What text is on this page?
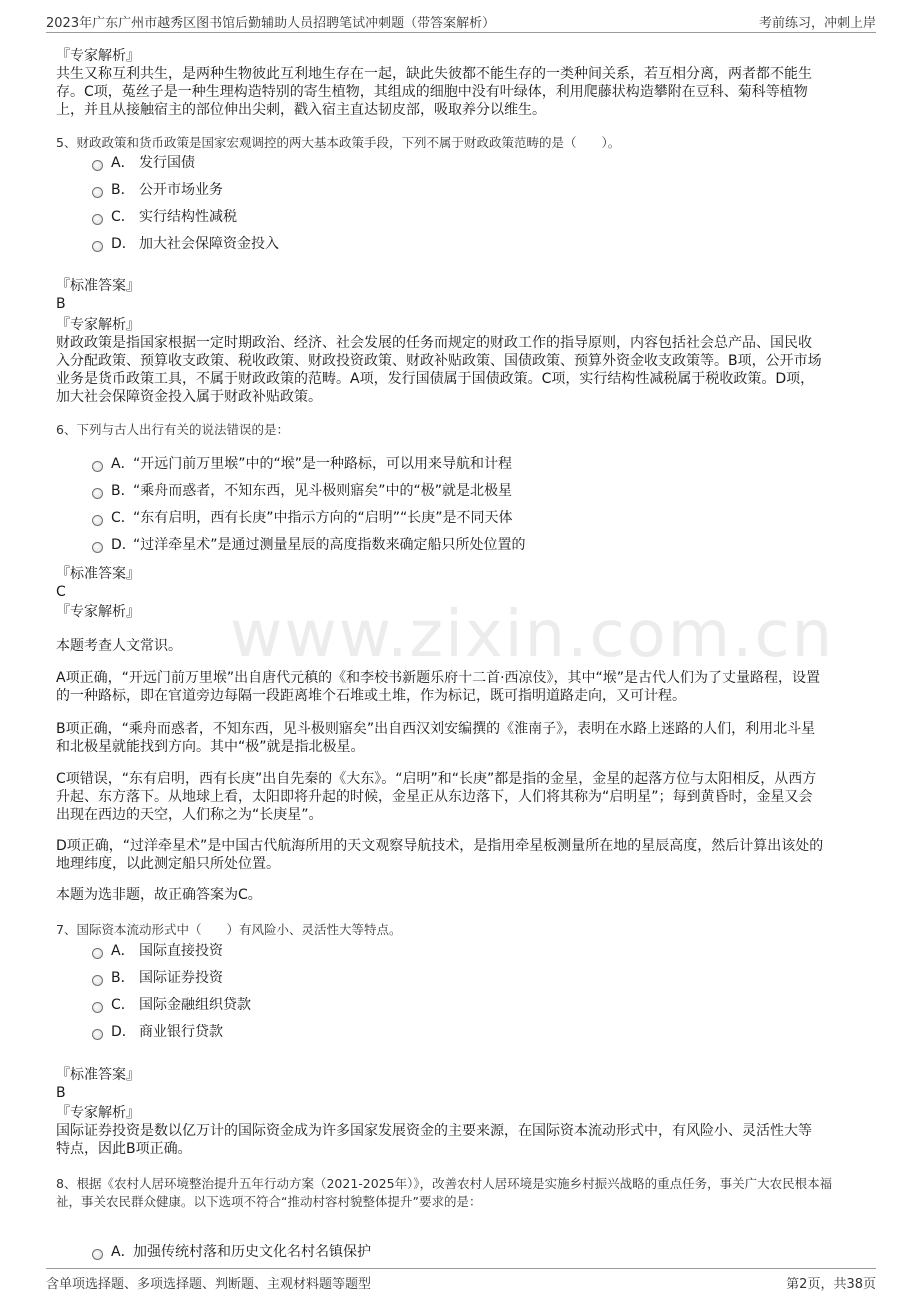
2023年广东广州市越秀区图书馆后勤辅助人员招聘笔试冲刺题（带答案解析）	考前练习，冲刺上岸
www.zixin.com.cn
『专家解析』
共生又称互利共生，是两种生物彼此互利地生存在一起，缺此失彼都不能生存的一类种间关系，若互相分离，两者都不能生
存。C项，菟丝子是一种生理构造特别的寄生植物，其组成的细胞中没有叶绿体，利用爬藤状构造攀附在豆科、菊科等植物
上，并且从接触宿主的部位伸出尖刺，戳入宿主直达韧皮部，吸取养分以维生。
5、财政政策和货币政策是国家宏观调控的两大基本政策手段，下列不属于财政政策范畴的是（　　）。
A． 发行国债
B． 公开市场业务
C． 实行结构性减税
D． 加大社会保障资金投入
『标准答案』
B
『专家解析』
财政政策是指国家根据一定时期政治、经济、社会发展的任务而规定的财政工作的指导原则，内容包括社会总产品、国民收
入分配政策、预算收支政策、税收政策、财政投资政策、财政补贴政策、国债政策、预算外资金收支政策等。B项，公开市场
业务是货币政策工具，不属于财政政策的范畴。A项，发行国债属于国债政策。C项，实行结构性减税属于税收政策。D项，
加大社会保障资金投入属于财政补贴政策。
6、下列与古人出行有关的说法错误的是：
A．
“开远门前万里堠”中的“堠”是一种路标，可以用来导航和计程
B．
“乘舟而惑者，不知东西，见斗极则寤矣”中的“极”就是北极星
C．
“东有启明，西有长庚”中指示方向的“启明”“长庚”是不同天体
D．
“过洋牵星术”是通过测量星辰的高度指数来确定船只所处位置的
『标准答案』
C
『专家解析』
本题考查人文常识。
A项正确，“开远门前万里堠”出自唐代元稹的《和李校书新题乐府十二首·西凉伎》，其中“堠”是古代人们为了丈量路程，设置
的一种路标，即在官道旁边每隔一段距离堆个石堆或土堆，作为标记，既可指明道路走向，又可计程。
B项正确，“乘舟而惑者，不知东西，见斗极则寤矣”出自西汉刘安编撰的《淮南子》，表明在水路上迷路的人们，利用北斗星
和北极星就能找到方向。其中“极”就是指北极星。
C项错误，“东有启明，西有长庚”出自先秦的《大东》。“启明”和“长庚”都是指的金星，金星的起落方位与太阳相反，从西方
升起、东方落下。从地球上看，太阳即将升起的时候，金星正从东边落下，人们将其称为“启明星”；每到黄昏时，金星又会
出现在西边的天空，人们称之为“长庚星”。
D项正确，“过洋牵星术”是中国古代航海所用的天文观察导航技术，是指用牵星板测量所在地的星辰高度，然后计算出该处的
地理纬度，以此测定船只所处位置。
本题为选非题，故正确答案为C。
7、国际资本流动形式中（　　）有风险小、灵活性大等特点。
A． 国际直接投资
B． 国际证券投资
C． 国际金融组织贷款
D． 商业银行贷款
『标准答案』
B
『专家解析』
国际证券投资是数以亿万计的国际资金成为许多国家发展资金的主要来源，在国际资本流动形式中，有风险小、灵活性大等
特点，因此B项正确。
8、根据《农村人居环境整治提升五年行动方案（2021-2025年）》，改善农村人居环境是实施乡村振兴战略的重点任务，事关广大农民根本福
祉，事关农民群众健康。以下选项不符合“推动村容村貌整体提升”要求的是：
A．
加强传统村落和历史文化名村名镇保护
含单项选择题、多项选择题、判断题、主观材料题等题型	第2页，共38页
